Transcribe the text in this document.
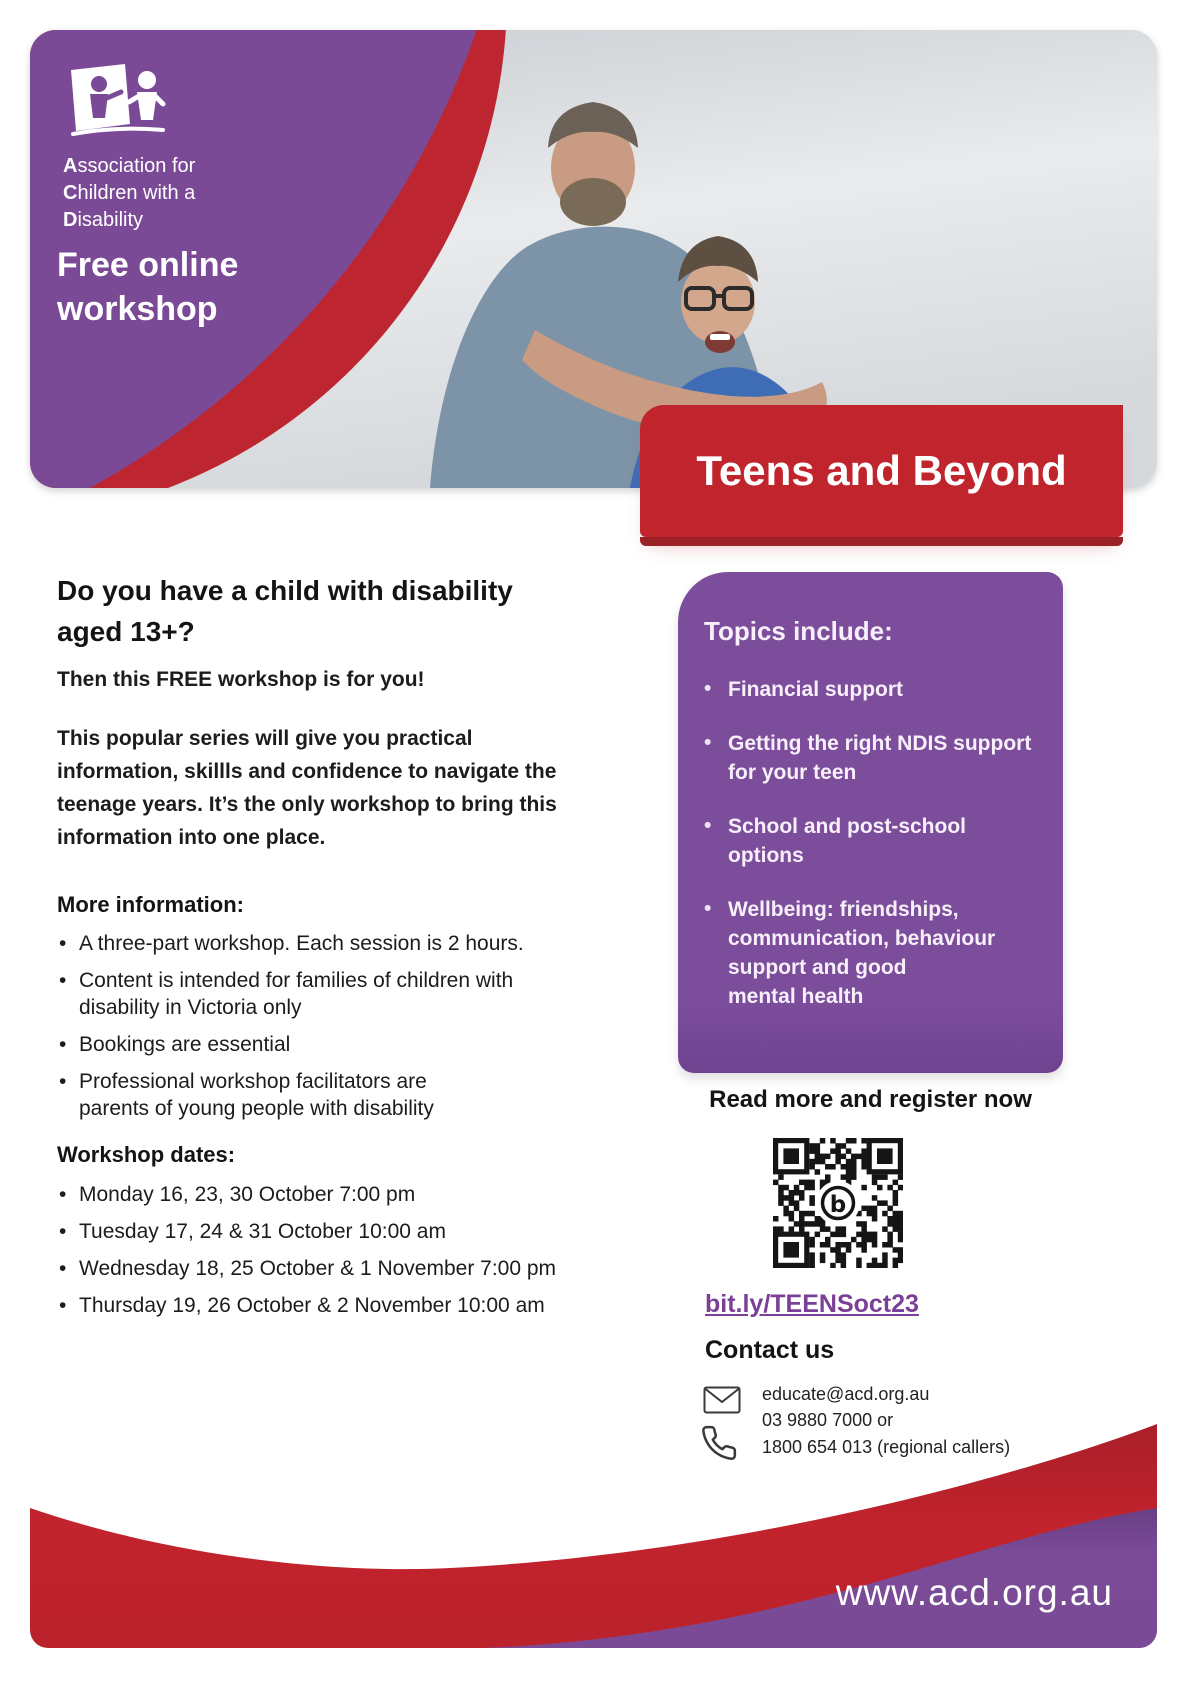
Association for
Children with a
Disability
Free online
workshop
Teens and Beyond
Do you have a child with disability
aged 13+?
Then this FREE workshop is for you!
This popular series will give you practical
information, skillls and confidence to navigate the
teenage years. It’s the only workshop to bring this
information into one place.
More information:
• A three-part workshop. Each session is 2 hours.
• Content is intended for families of children with
disability in Victoria only
• Bookings are essential
• Professional workshop facilitators are
parents of young people with disability
Workshop dates:
• Monday 16, 23, 30 October 7:00 pm
• Tuesday 17, 24 & 31 October 10:00 am
• Wednesday 18, 25 October & 1 November 7:00 pm
• Thursday 19, 26 October & 2 November 10:00 am
Topics include:
• Financial support
• Getting the right NDIS support
for your teen
• School and post-school
options
• Wellbeing: friendships,
communication, behaviour
support and good
mental health
Read more and register now
b
bit.ly/TEENSoct23
Contact us
educate@acd.org.au
03 9880 7000 or
1800 654 013 (regional callers)
www.acd.org.au
